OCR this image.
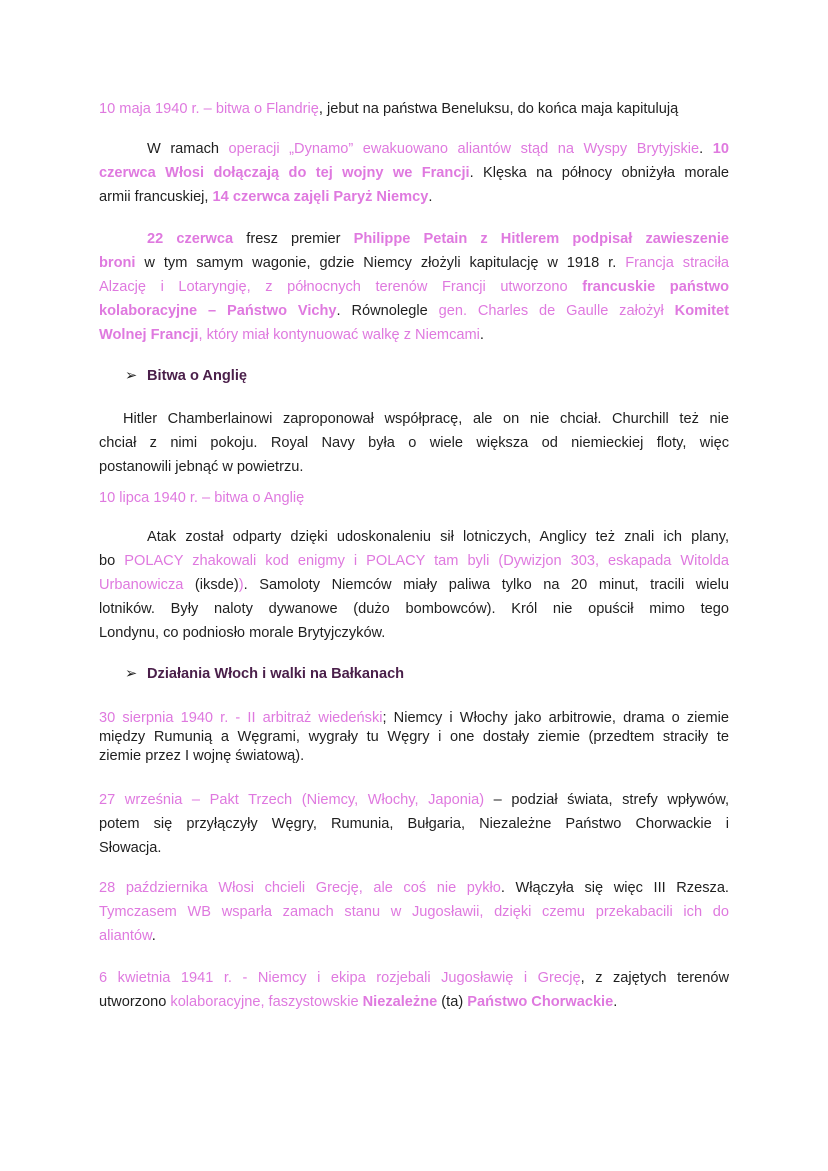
10 maja 1940 r. – bitwa o Flandrię, jebut na państwa Beneluksu, do końca maja kapitulują
W ramach operacji „Dynamo” ewakuowano aliantów stąd na Wyspy Brytyjskie. 10
czerwca Włosi dołączają do tej wojny we Francji. Klęska na północy obniżyła morale
armii francuskiej, 14 czerwca zajęli Paryż Niemcy.
22 czerwca fresz premier Philippe Petain z Hitlerem podpisał zawieszenie
broni w tym samym wagonie, gdzie Niemcy złożyli kapitulację w 1918 r. Francja straciła
Alzację i Lotaryngię, z północnych terenów Francji utworzono francuskie państwo
kolaboracyjne – Państwo Vichy. Równolegle gen. Charles de Gaulle założył Komitet
Wolnej Francji, który miał kontynuować walkę z Niemcami.
➢ Bitwa o Anglię
Hitler Chamberlainowi zaproponował współpracę, ale on nie chciał. Churchill też nie
chciał z nimi pokoju. Royal Navy była o wiele większa od niemieckiej floty, więc
postanowili jebnąć w powietrzu.
10 lipca 1940 r. – bitwa o Anglię
Atak został odparty dzięki udoskonaleniu sił lotniczych, Anglicy też znali ich plany,
bo POLACY zhakowali kod enigmy i POLACY tam byli (Dywizjon 303, eskapada Witolda
Urbanowicza (iksde)). Samoloty Niemców miały paliwa tylko na 20 minut, tracili wielu
lotników. Były naloty dywanowe (dużo bombowców). Król nie opuścił mimo tego
Londynu, co podniosło morale Brytyjczyków.
➢ Działania Włoch i walki na Bałkanach
30 sierpnia 1940 r. - II arbitraż wiedeński; Niemcy i Włochy jako arbitrowie, drama o ziemie
między Rumunią a Węgrami, wygrały tu Węgry i one dostały ziemie (przedtem straciły te
ziemie przez I wojnę światową).
27 września – Pakt Trzech (Niemcy, Włochy, Japonia) – podział świata, strefy wpływów,
potem się przyłączyły Węgry, Rumunia, Bułgaria, Niezależne Państwo Chorwackie i
Słowacja.
28 października Włosi chcieli Grecję, ale coś nie pykło. Włączyła się więc III Rzesza.
Tymczasem WB wsparła zamach stanu w Jugosławii, dzięki czemu przekabacili ich do
aliantów.
6 kwietnia 1941 r. - Niemcy i ekipa rozjebali Jugosławię i Grecję, z zajętych terenów
utworzono kolaboracyjne, faszystowskie Niezależne (ta) Państwo Chorwackie.
